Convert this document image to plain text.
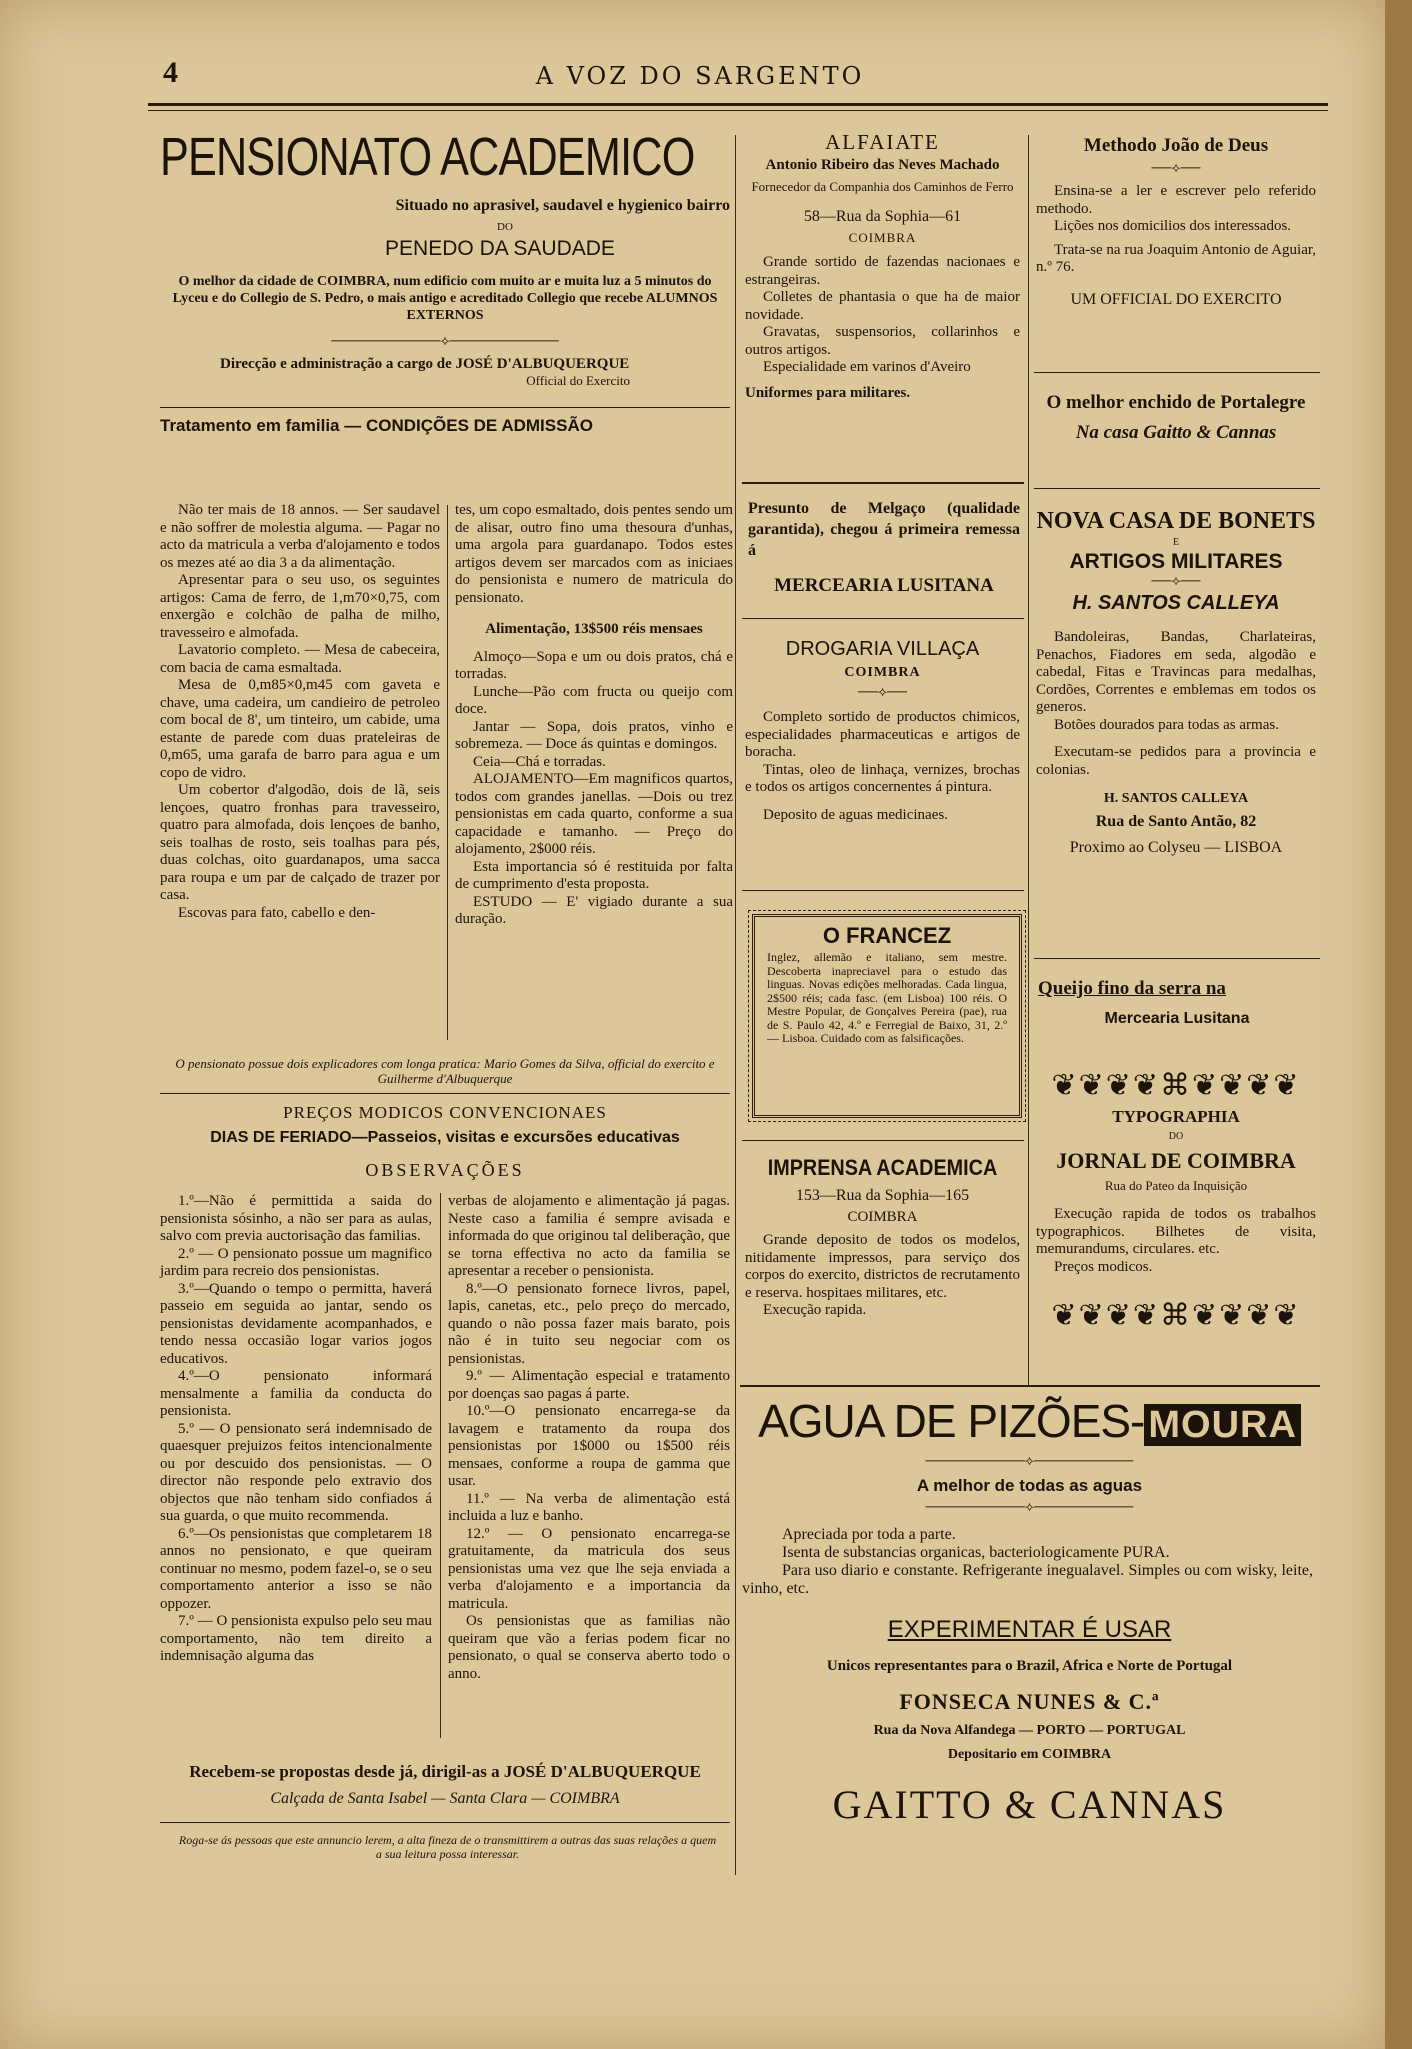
4	A VOZ DO SARGENTO
PENSIONATO ACADEMICO
Situado no aprasivel, saudavel e hygienico bairro
DO
PENEDO DA SAUDADE
O melhor da cidade de COIMBRA, num edificio com muito ar e muita luz a 5 minutos do Lyceu e do Collegio de S. Pedro, o mais antigo e acreditado Collegio que recebe ALUMNOS EXTERNOS
───────────⟡───────────
Direcção e administração a cargo de JOSÉ D'ALBUQUERQUE
Official do Exercito
Tratamento em familia — CONDIÇÕES DE ADMISSÃO

Não ter mais de 18 annos. — Ser saudavel e não soffrer de molestia alguma. — Pagar no acto da matricula a verba d'alojamento e todos os mezes até ao dia 3 a da alimentação.

Apresentar para o seu uso, os seguintes artigos: Cama de ferro, de 1,m70×0,75, com enxergão e colchão de palha de milho, travesseiro e almofada.

Lavatorio completo. — Mesa de cabeceira, com bacia de cama esmaltada.

Mesa de 0,m85×0,m45 com gaveta e chave, uma cadeira, um candieiro de petroleo com bocal de 8', um tinteiro, um cabide, uma estante de parede com duas prateleiras de 0,m65, uma garafa de barro para agua e um copo de vidro.

Um cobertor d'algodão, dois de lã, seis lençoes, quatro fronhas para travesseiro, quatro para almofada, dois lençoes de banho, seis toalhas de rosto, seis toalhas para pés, duas colchas, oito guardanapos, uma sacca para roupa e um par de calçado de trazer por casa.

Escovas para fato, cabello e den-

tes, um copo esmaltado, dois pentes sendo um de alisar, outro fino uma thesoura d'unhas, uma argola para guardanapo. Todos estes artigos devem ser marcados com as iniciaes do pensionista e numero de matricula do pensionato.

Alimentação, 13$500 réis mensaes

Almoço—Sopa e um ou dois pratos, chá e torradas.

Lunche—Pão com fructa ou queijo com doce.

Jantar — Sopa, dois pratos, vinho e sobremeza. — Doce ás quintas e domingos.

Ceia—Chá e torradas.

ALOJAMENTO—Em magnificos quartos, todos com grandes janellas. —Dois ou trez pensionistas em cada quarto, conforme a sua capacidade e tamanho. — Preço do alojamento, 2$000 réis.

Esta importancia só é restituida por falta de cumprimento d'esta proposta.

ESTUDO — E' vigiado durante a sua duração.

O pensionato possue dois explicadores com longa pratica: Mario Gomes da Silva, official do exercito e Guilherme d'Albuquerque
PREÇOS MODICOS CONVENCIONAES
DIAS DE FERIADO—Passeios, visitas e excursões educativas
OBSERVAÇÕES

1.º—Não é permittida a saida do pensionista sósinho, a não ser para as aulas, salvo com previa auctorisação das familias.

2.º — O pensionato possue um magnifico jardim para recreio dos pensionistas.

3.º—Quando o tempo o permitta, haverá passeio em seguida ao jantar, sendo os pensionistas devidamente acompanhados, e tendo nessa occasião logar varios jogos educativos.

4.º—O pensionato informará mensalmente a familia da conducta do pensionista.

5.º — O pensionato será indemnisado de quaesquer prejuizos feitos intencionalmente ou por descuido dos pensionistas. — O director não responde pelo extravio dos objectos que não tenham sido confiados á sua guarda, o que muito recommenda.

6.º—Os pensionistas que completarem 18 annos no pensionato, e que queiram continuar no mesmo, podem fazel-o, se o seu comportamento anterior a isso se não oppozer.

7.º — O pensionista expulso pelo seu mau comportamento, não tem direito a indemnisação alguma das

verbas de alojamento e alimentação já pagas. Neste caso a familia é sempre avisada e informada do que originou tal deliberação, que se torna effectiva no acto da familia se apresentar a receber o pensionista.

8.º—O pensionato fornece livros, papel, lapis, canetas, etc., pelo preço do mercado, quando o não possa fazer mais barato, pois não é in tuito seu negociar com os pensionistas.

9.º — Alimentação especial e tratamento por doenças sao pagas á parte.

10.º—O pensionato encarrega-se da lavagem e tratamento da roupa dos pensionistas por 1$000 ou 1$500 réis mensaes, conforme a roupa de gamma que usar.

11.º — Na verba de alimentação está incluida a luz e banho.

12.º — O pensionato encarrega-se gratuitamente, da matricula dos seus pensionistas uma vez que lhe seja enviada a verba d'alojamento e a importancia da matricula.

Os pensionistas que as familias não queiram que vão a ferias podem ficar no pensionato, o qual se conserva aberto todo o anno.

Recebem-se propostas desde já, dirigil-as a JOSÉ D'ALBUQUERQUE
Calçada de Santa Isabel — Santa Clara — COIMBRA
Roga-se ás pessoas que este annuncio lerem, a alta fineza de o transmittirem a outras das suas relações a quem a sua leitura possa interessar.
ALFAIATE
Antonio Ribeiro das Neves Machado
Fornecedor da Companhia dos Caminhos de Ferro
58—Rua da Sophia—61
COIMBRA

Grande sortido de fazendas nacionaes e estrangeiras.

Colletes de phantasia o que ha de maior novidade.

Gravatas, suspensorios, collarinhos e outros artigos.

Especialidade em varinos d'Aveiro

Uniformes para militares.
Presunto de Melgaço (qualidade garantida), chegou á primeira remessa á
MERCEARIA LUSITANA
DROGARIA VILLAÇA
COIMBRA
──⟡──

Completo sortido de productos chimicos, especialidades pharmaceuticas e artigos de boracha.

Tintas, oleo de linhaça, vernizes, brochas e todos os artigos concernentes á pintura.

Deposito de aguas medicinaes.

O FRANCEZ
Inglez, allemão e italiano, sem mestre. Descoberta inapreciavel para o estudo das linguas. Novas edições melhoradas. Cada lingua, 2$500 réis; cada fasc. (em Lisboa) 100 réis. O Mestre Popular, de Gonçalves Pereira (pae), rua de S. Paulo 42, 4.º e Ferregial de Baixo, 31, 2.º — Lisboa. Cuidado com as falsificações.
IMPRENSA ACADEMICA
153—Rua da Sophia—165
COIMBRA

Grande deposito de todos os modelos, nitidamente impressos, para serviço dos corpos do exercito, districtos de recrutamento e reserva. hospitaes militares, etc.

Execução rapida.

Methodo João de Deus
──⟡──

Ensina-se a ler e escrever pelo referido methodo.

Lições nos domicilios dos interessados.

Trata-se na rua Joaquim Antonio de Aguiar, n.º 76.

UM OFFICIAL DO EXERCITO
O melhor enchido de Portalegre
Na casa Gaitto & Cannas
NOVA CASA DE BONETS
E
ARTIGOS MILITARES
──⟡──
H. SANTOS CALLEYA

Bandoleiras, Bandas, Charlateiras, Penachos, Fiadores em seda, algodão e cabedal, Fitas e Travincas para medalhas, Cordões, Correntes e emblemas em todos os generos.

Botões dourados para todas as armas.

Executam-se pedidos para a provincia e colonias.

H. SANTOS CALLEYA
Rua de Santo Antão, 82
Proximo ao Colyseu — LISBOA
Queijo fino da serra na
Mercearia Lusitana
❦❦❦❦⌘❦❦❦❦
TYPOGRAPHIA
DO
JORNAL DE COIMBRA
Rua do Pateo da Inquisição

Execução rapida de todos os trabalhos typographicos. Bilhetes de visita, memurandums, circulares. etc.

Preços modicos.

❦❦❦❦⌘❦❦❦❦
AGUA DE PIZÕES- MOURA
──────────⟡──────────
A melhor de todas as aguas
──────────⟡──────────

Apreciada por toda a parte.

Isenta de substancias organicas, bacteriologicamente PURA.

Para uso diario e constante. Refrigerante inegualavel. Simples ou com wisky, leite, vinho, etc.

EXPERIMENTAR É USAR
Unicos representantes para o Brazil, Africa e Norte de Portugal
FONSECA NUNES & C.ª
Rua da Nova Alfandega — PORTO — PORTUGAL
Depositario em COIMBRA
GAITTO & CANNAS
